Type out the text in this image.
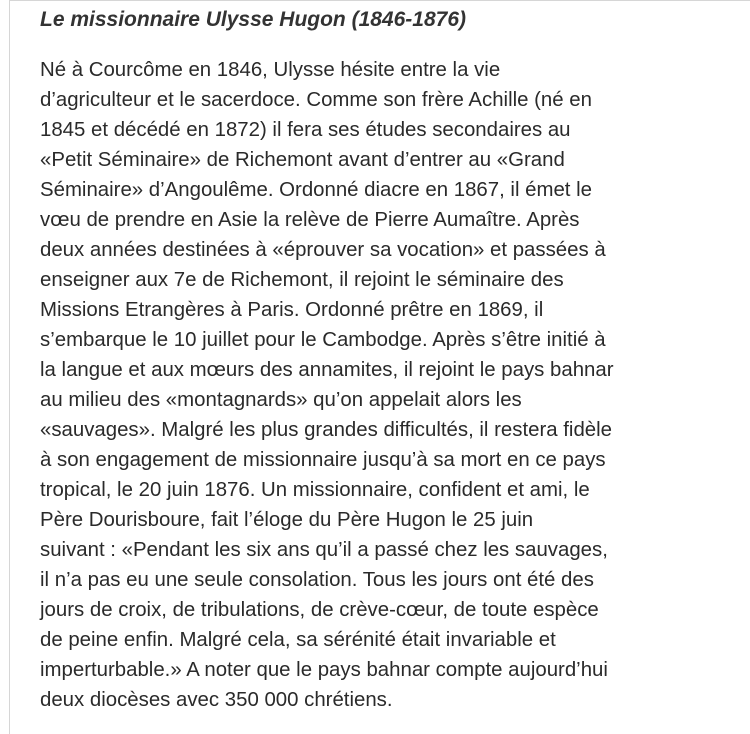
Le missionnaire Ulysse Hugon (1846-1876)

Né à Courcôme en 1846, Ulysse hésite entre la vie
d’agriculteur et le sacerdoce. Comme son frère Achille (né en
1845 et décédé en 1872) il fera ses études secondaires au
«Petit Séminaire» de Richemont avant d’entrer au «Grand
Séminaire» d’Angoulême. Ordonné diacre en 1867, il émet le
vœu de prendre en Asie la relève de Pierre Aumaître. Après
deux années destinées à «éprouver sa vocation» et passées à
enseigner aux 7e de Richemont, il rejoint le séminaire des
Missions Etrangères à Paris. Ordonné prêtre en 1869, il
s’embarque le 10 juillet pour le Cambodge. Après s’être initié à
la langue et aux mœurs des annamites, il rejoint le pays bahnar
au milieu des «montagnards» qu’on appelait alors les
«sauvages». Malgré les plus grandes difficultés, il restera fidèle
à son engagement de missionnaire jusqu’à sa mort en ce pays
tropical, le 20 juin 1876. Un missionnaire, confident et ami, le
Père Dourisboure, fait l’éloge du Père Hugon le 25 juin
suivant : «Pendant les six ans qu’il a passé chez les sauvages,
il n’a pas eu une seule consolation. Tous les jours ont été des
jours de croix, de tribulations, de crève-cœur, de toute espèce
de peine enfin. Malgré cela, sa sérénité était invariable et
imperturbable.» A noter que le pays bahnar compte aujourd’hui
deux diocèses avec 350 000 chrétiens.
